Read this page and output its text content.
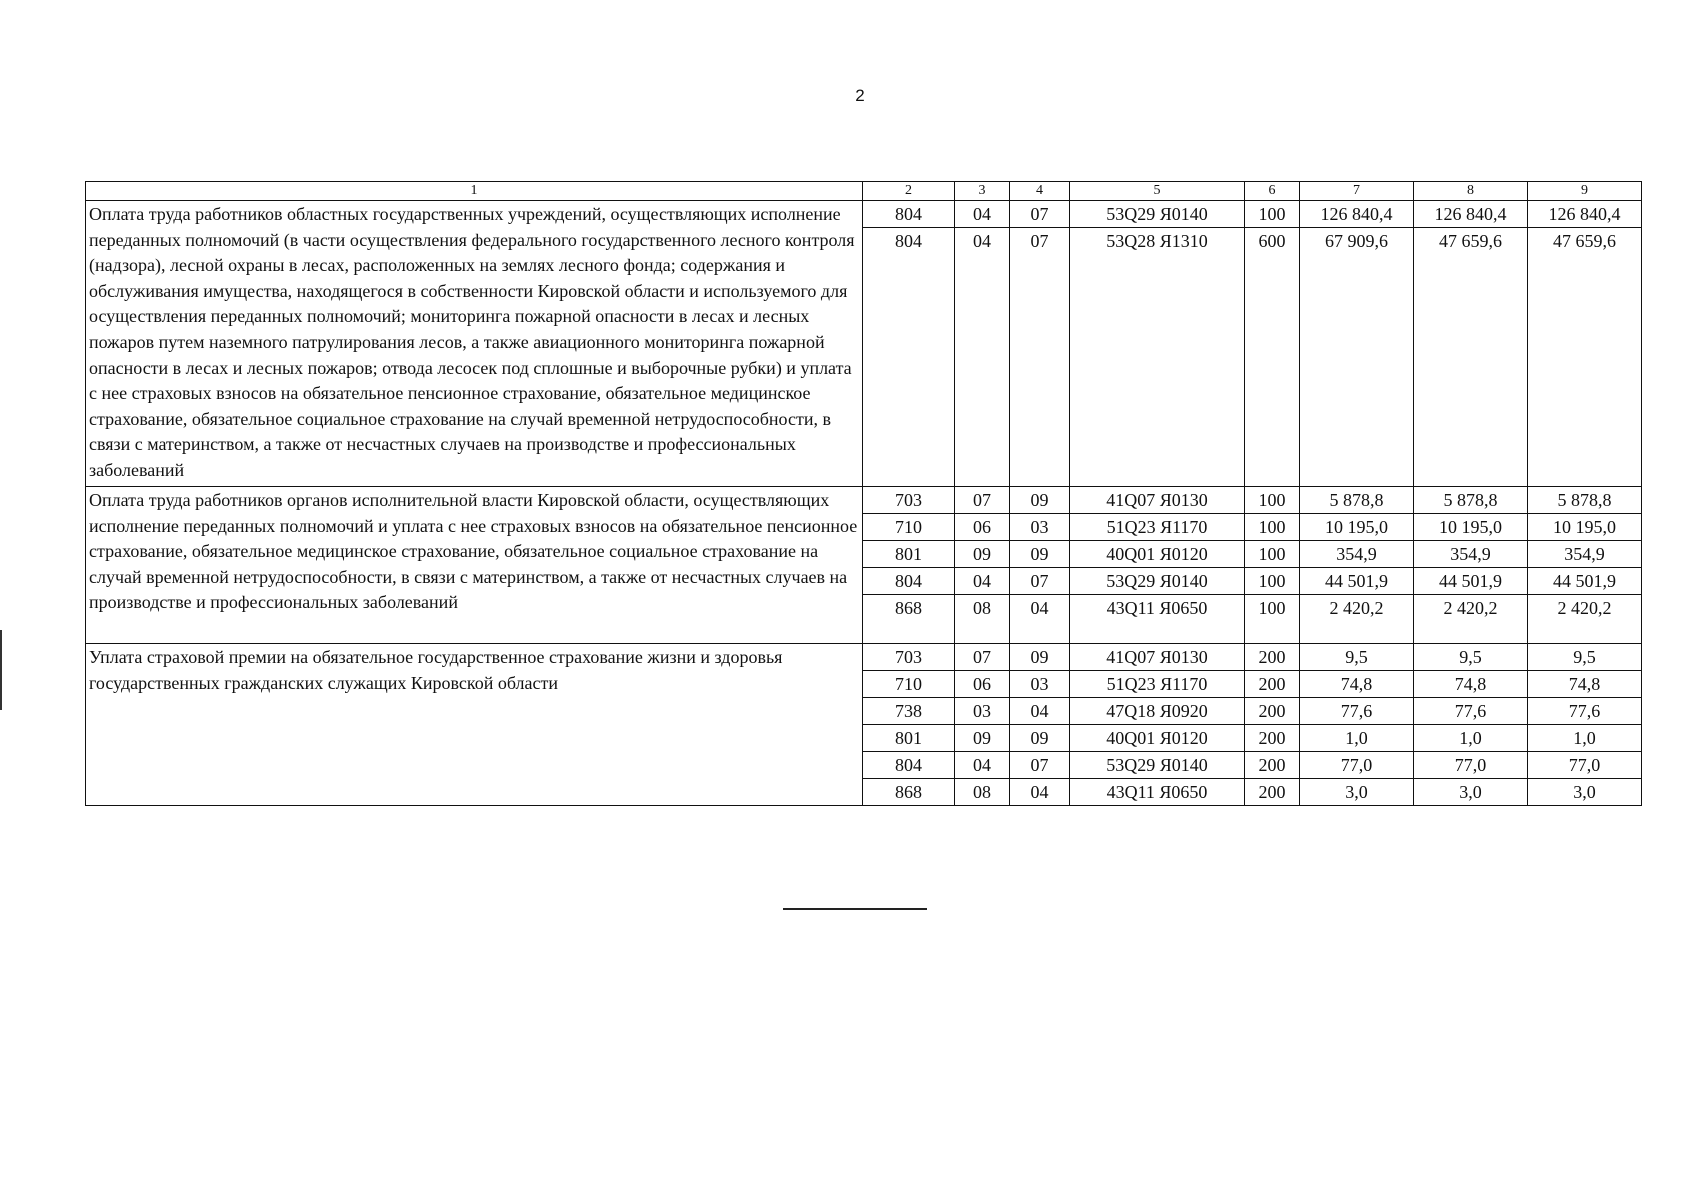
2
1	2	3	4	5	6	7	8	9
Оплата труда работников областных государственных учреждений, осуществляющих исполнение переданных полномочий (в части осуществления федерального государственного лесного контроля (надзора), лесной охраны в лесах, расположенных на землях лесного фонда; содержания и обслуживания имущества, находящегося в собственности Кировской области и используемого для осуществления переданных полномочий; мониторинга пожарной опасности в лесах и лесных пожаров путем наземного патрулирования лесов, а также авиационного мониторинга пожарной опасности в лесах и лесных пожаров; отвода лесосек под сплошные и выборочные рубки) и уплата с нее страховых взносов на обязательное пенсионное страхование, обязательное медицинское страхование, обязательное социальное страхование на случай временной нетрудоспособности, в связи с материнством, а также от несчастных случаев на производстве и профессиональных заболеваний	804	04	07	53Q29 Я0140	100	126 840,4	126 840,4	126 840,4
	804	04	07	53Q28 Я1310	600	67 909,6	47 659,6	47 659,6
Оплата труда работников органов исполнительной власти Кировской области, осуществляющих исполнение переданных полномочий и уплата с нее страховых взносов на обязательное пенсионное страхование, обязательное медицинское страхование, обязательное социальное страхование на случай временной нетрудоспособности, в связи с материнством, а также от несчастных случаев на производстве и профессиональных заболеваний	703	07	09	41Q07 Я0130	100	5 878,8	5 878,8	5 878,8
	710	06	03	51Q23 Я1170	100	10 195,0	10 195,0	10 195,0
	801	09	09	40Q01 Я0120	100	354,9	354,9	354,9
	804	04	07	53Q29 Я0140	100	44 501,9	44 501,9	44 501,9
	868	08	04	43Q11 Я0650	100	2 420,2	2 420,2	2 420,2
Уплата страховой премии на обязательное государственное страхование жизни и здоровья государственных гражданских служащих Кировской области	703	07	09	41Q07 Я0130	200	9,5	9,5	9,5
	710	06	03	51Q23 Я1170	200	74,8	74,8	74,8
	738	03	04	47Q18 Я0920	200	77,6	77,6	77,6
	801	09	09	40Q01 Я0120	200	1,0	1,0	1,0
	804	04	07	53Q29 Я0140	200	77,0	77,0	77,0
	868	08	04	43Q11 Я0650	200	3,0	3,0	3,0
